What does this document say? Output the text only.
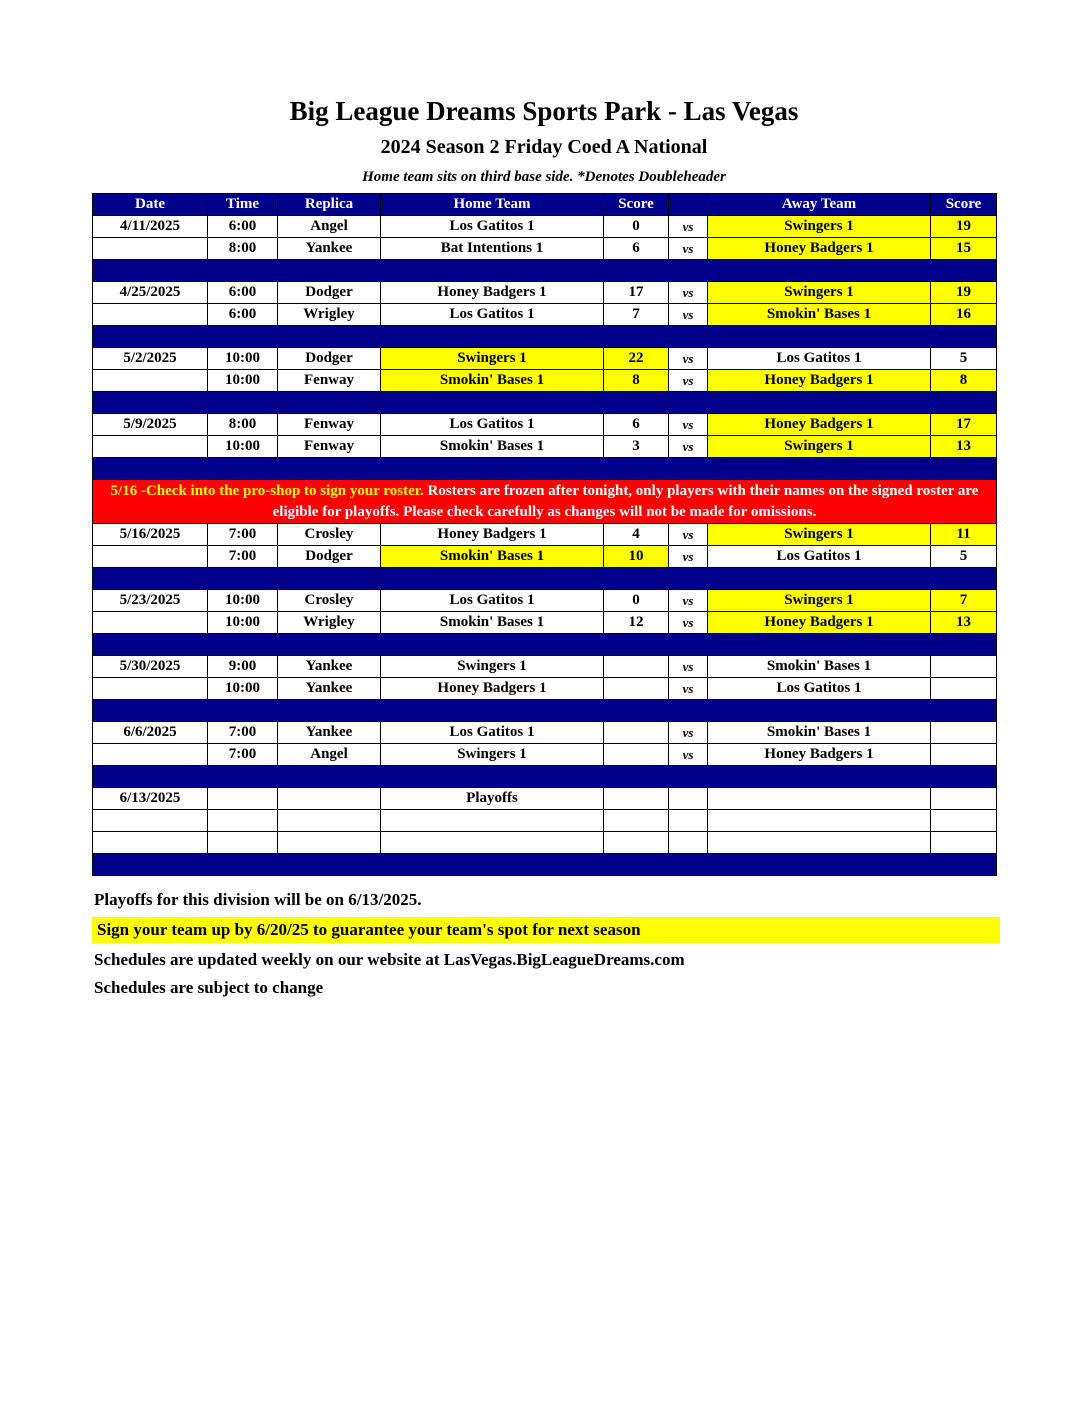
Big League Dreams Sports Park - Las Vegas
2024 Season 2 Friday Coed A National
Home team sits on third base side. *Denotes Doubleheader
Date	Time	Replica	Home Team	Score		Away Team	Score
4/11/2025	6:00	Angel	Los Gatitos 1	0	vs	Swingers 1	19
	8:00	Yankee	Bat Intentions 1	6	vs	Honey Badgers 1	15

4/25/2025	6:00	Dodger	Honey Badgers 1	17	vs	Swingers 1	19
	6:00	Wrigley	Los Gatitos 1	7	vs	Smokin' Bases 1	16

5/2/2025	10:00	Dodger	Swingers 1	22	vs	Los Gatitos 1	5
	10:00	Fenway	Smokin' Bases 1	8	vs	Honey Badgers 1	8

5/9/2025	8:00	Fenway	Los Gatitos 1	6	vs	Honey Badgers 1	17
	10:00	Fenway	Smokin' Bases 1	3	vs	Swingers 1	13

5/16 -Check into the pro-shop to sign your roster. Rosters are frozen after tonight, only players with their names on the signed roster are eligible for playoffs. Please check carefully as changes will not be made for omissions.							
5/16/2025	7:00	Crosley	Honey Badgers 1	4	vs	Swingers 1	11
	7:00	Dodger	Smokin' Bases 1	10	vs	Los Gatitos 1	5

5/23/2025	10:00	Crosley	Los Gatitos 1	0	vs	Swingers 1	7
	10:00	Wrigley	Smokin' Bases 1	12	vs	Honey Badgers 1	13

5/30/2025	9:00	Yankee	Swingers 1		vs	Smokin' Bases 1	
	10:00	Yankee	Honey Badgers 1		vs	Los Gatitos 1	

6/6/2025	7:00	Yankee	Los Gatitos 1		vs	Smokin' Bases 1	
	7:00	Angel	Swingers 1		vs	Honey Badgers 1	

6/13/2025			Playoffs				

Playoffs for this division will be on 6/13/2025.
Sign your team up by 6/20/25 to guarantee your team's spot for next season
Schedules are updated weekly on our website at LasVegas.BigLeagueDreams.com
Schedules are subject to change
